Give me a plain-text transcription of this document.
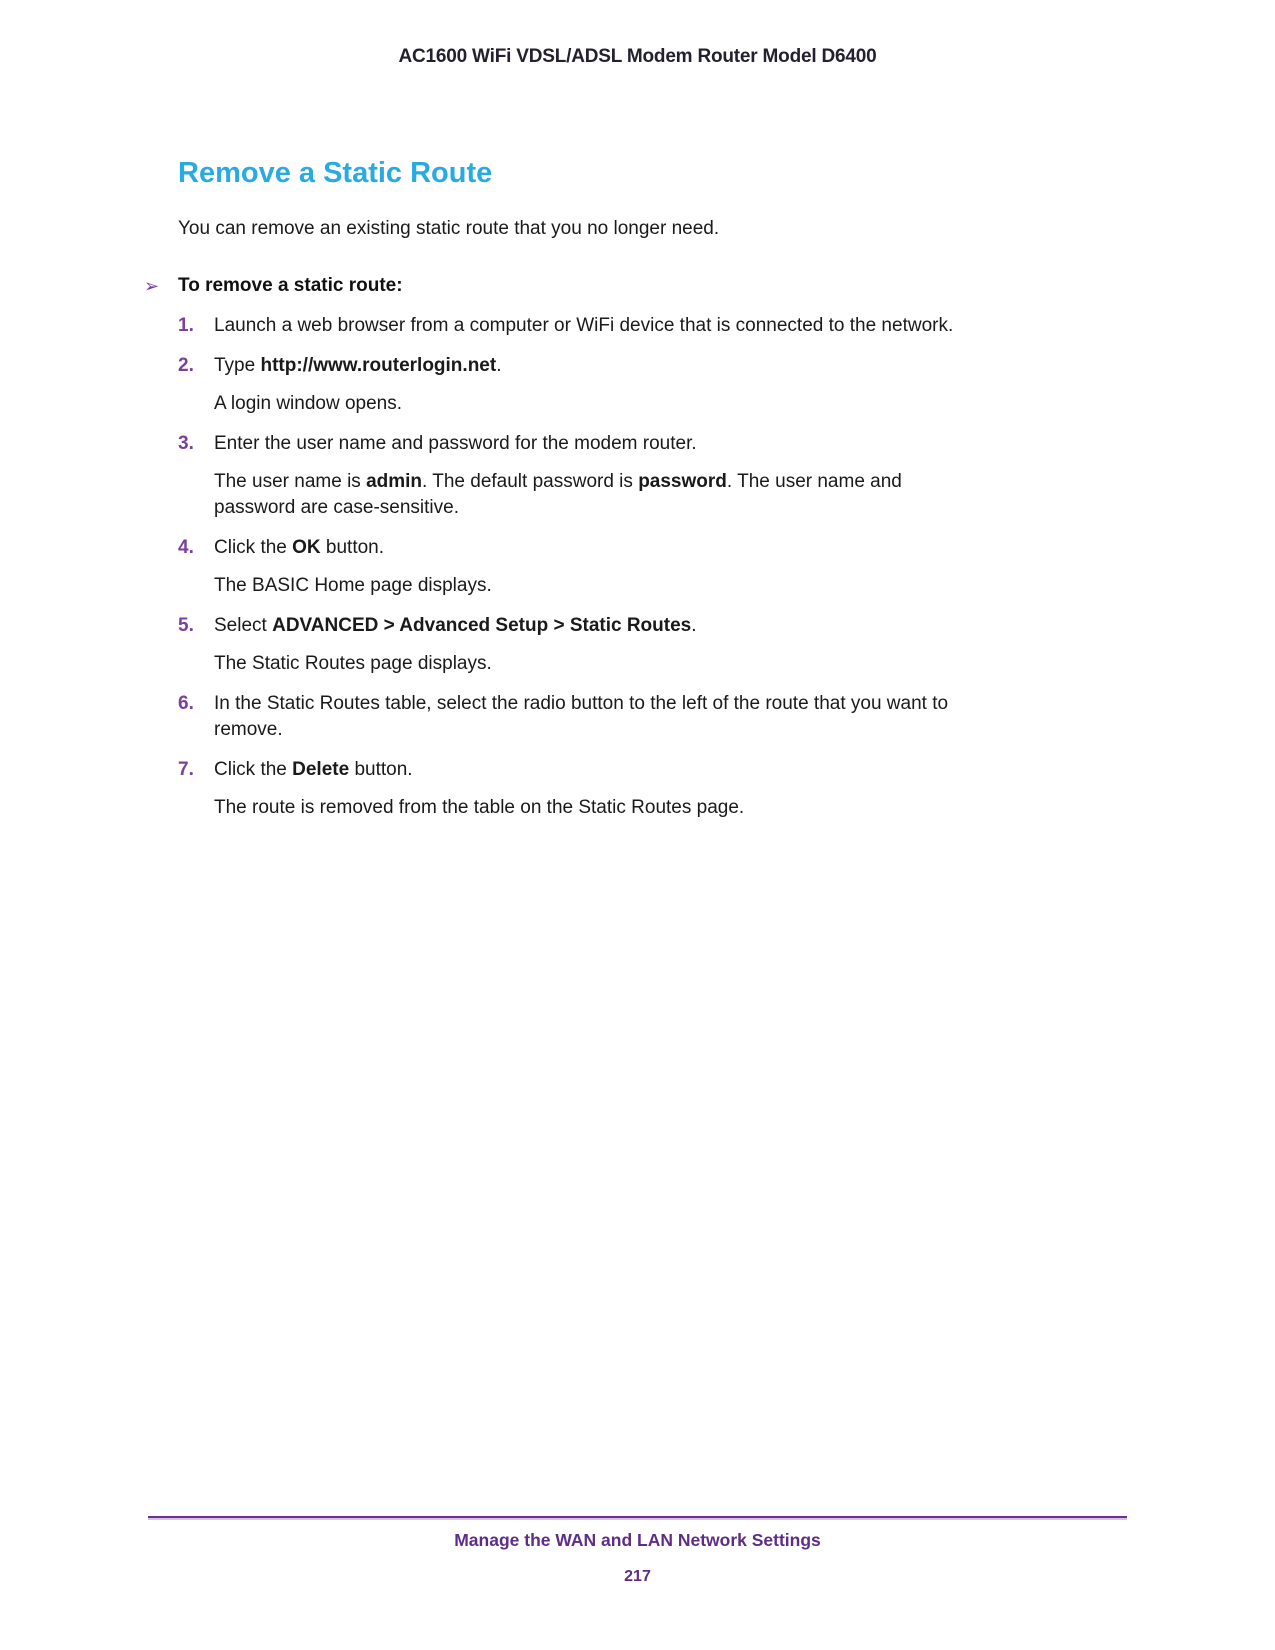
AC1600 WiFi VDSL/ADSL Modem Router Model D6400
Remove a Static Route

You can remove an existing static route that you no longer need.

➢ To remove a static route:

1. Launch a web browser from a computer or WiFi device that is connected to the network.

2. Type http://www.routerlogin.net.

A login window opens.

3. Enter the user name and password for the modem router.

The user name is admin. The default password is password. The user name and
password are case-sensitive.

4. Click the OK button.

The BASIC Home page displays.

5. Select ADVANCED > Advanced Setup > Static Routes.

The Static Routes page displays.

6. In the Static Routes table, select the radio button to the left of the route that you want to
remove.

7. Click the Delete button.

The route is removed from the table on the Static Routes page.

Manage the WAN and LAN Network Settings
217
